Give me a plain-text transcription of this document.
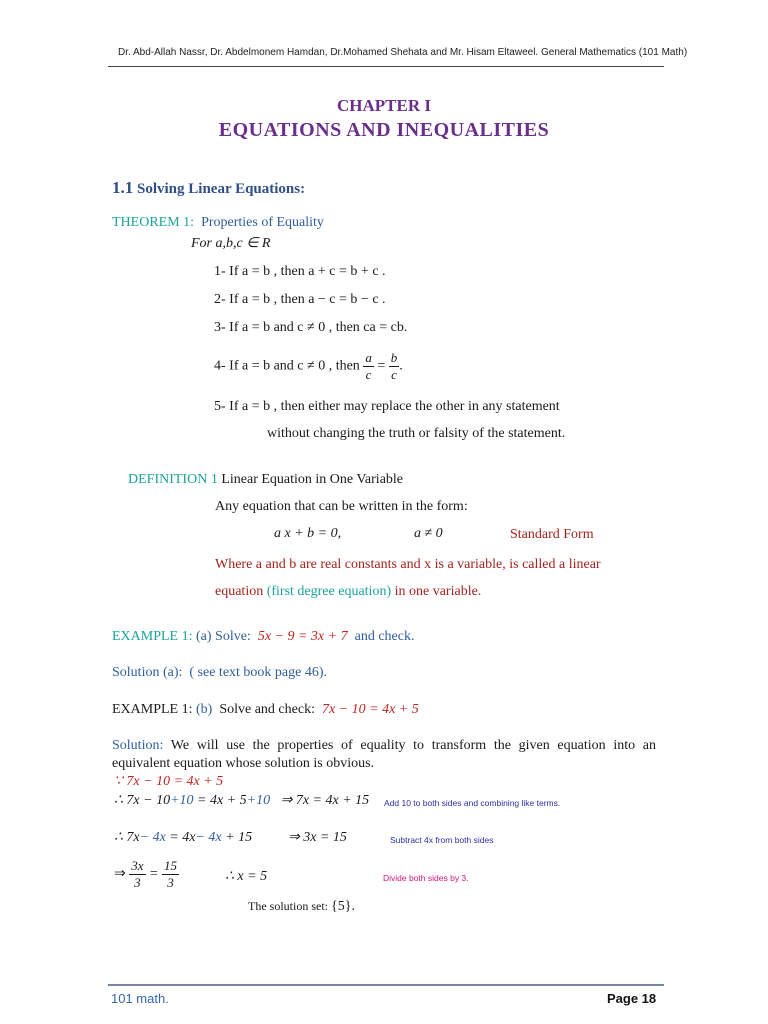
Dr. Abd-Allah Nassr, Dr. Abdelmonem Hamdan, Dr.Mohamed Shehata and Mr. Hisam Eltaweel. General Mathematics (101 Math)
CHAPTER I
EQUATIONS AND INEQUALITIES
1.1 Solving Linear Equations:
THEOREM 1: Properties of Equality
For a,b,c ∈ R
1- If a = b , then a + c = b + c .
2- If a = b , then a − c = b − c .
3- If a = b and c ≠ 0 , then ca = cb.
4- If a = b and c ≠ 0 , then $\frac{a}{c} = \frac{b}{c}$ .
5- If a = b , then either may replace the other in any statement
without changing the truth or falsity of the statement.
DEFINITION 1 Linear Equation in One Variable
Any equation that can be written in the form:
a x + b = 0,	a ≠ 0	Standard Form
Where a and b are real constants and x is a variable, is called a linear
equation (first degree equation) in one variable.
EXAMPLE 1: (a) Solve: 5x − 9 = 3x + 7 and check.
Solution (a): ( see text book page 46).
EXAMPLE 1: (b) Solve and check: 7x − 10 = 4x + 5
Solution: We will use the properties of equality to transform the given equation into an equivalent equation whose solution is obvious.
∵ 7x − 10 = 4x + 5
∴ 7x − 10+10 = 4x + 5+10 ⇒ 7x = 4x + 15 Add 10 to both sides and combining like terms.
∴ 7x− 4x = 4x− 4x + 15	⇒ 3x = 15	Subtract 4x from both sides
⇒ $\frac{3x}{3} = \frac{15}{3}$	∴ x = 5	Divide both sides by 3.
The solution set: {5}.
101 math.	Page 18
